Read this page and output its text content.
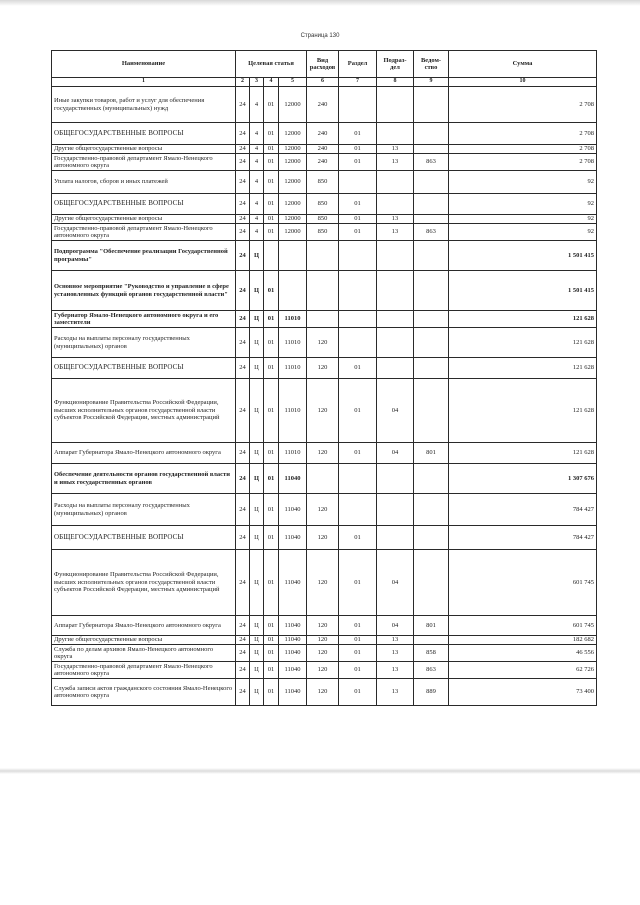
Страница 130
Наименование	Целевая статья				Вид расходов	Раздел	Подраз-дел	Ведом-ство	Сумма
1	2	3	4	5	6	7	8	9	10
Иные закупки товаров, работ и услуг для обеспечения государственных (муниципальных) нужд	24	4	01	12000	240				2 708
ОБЩЕГОСУДАРСТВЕННЫЕ ВОПРОСЫ	24	4	01	12000	240	01			2 708
Другие общегосударственные вопросы	24	4	01	12000	240	01	13		2 708
Государственно-правовой департамент Ямало-Ненецкого автономного округа	24	4	01	12000	240	01	13	863	2 708
Уплата налогов, сборов и иных платежей	24	4	01	12000	850				92
ОБЩЕГОСУДАРСТВЕННЫЕ ВОПРОСЫ	24	4	01	12000	850	01			92
Другие общегосударственные вопросы	24	4	01	12000	850	01	13		92
Государственно-правовой департамент Ямало-Ненецкого автономного округа	24	4	01	12000	850	01	13	863	92
Подпрограмма "Обеспечение реализации Государственной программы"	24	Ц							1 501 415
Основное мероприятие "Руководство и управление в сфере установленных функций органов государственной власти"	24	Ц	01						1 501 415
Губернатор Ямало-Ненецкого автономного округа и его заместители	24	Ц	01	11010					121 628
Расходы на выплаты персоналу государственных (муниципальных) органов	24	Ц	01	11010	120				121 628
ОБЩЕГОСУДАРСТВЕННЫЕ ВОПРОСЫ	24	Ц	01	11010	120	01			121 628
Функционирование Правительства Российской Федерации, высших исполнительных органов государственной власти субъектов Российской Федерации, местных администраций	24	Ц	01	11010	120	01	04		121 628
Аппарат Губернатора Ямало-Ненецкого автономного округа	24	Ц	01	11010	120	01	04	801	121 628
Обеспечение деятельности органов государственной власти и иных государственных органов	24	Ц	01	11040					1 307 676
Расходы на выплаты персоналу государственных (муниципальных) органов	24	Ц	01	11040	120				784 427
ОБЩЕГОСУДАРСТВЕННЫЕ ВОПРОСЫ	24	Ц	01	11040	120	01			784 427
Функционирование Правительства Российской Федерации, высших исполнительных органов государственной власти субъектов Российской Федерации, местных администраций	24	Ц	01	11040	120	01	04		601 745
Аппарат Губернатора Ямало-Ненецкого автономного округа	24	Ц	01	11040	120	01	04	801	601 745
Другие общегосударственные вопросы	24	Ц	01	11040	120	01	13		182 682
Служба по делам архивов Ямало-Ненецкого автономного округа	24	Ц	01	11040	120	01	13	858	46 556
Государственно-правовой департамент Ямало-Ненецкого автономного округа	24	Ц	01	11040	120	01	13	863	62 726
Служба записи актов гражданского состояния Ямало-Ненецкого автономного округа	24	Ц	01	11040	120	01	13	889	73 400
